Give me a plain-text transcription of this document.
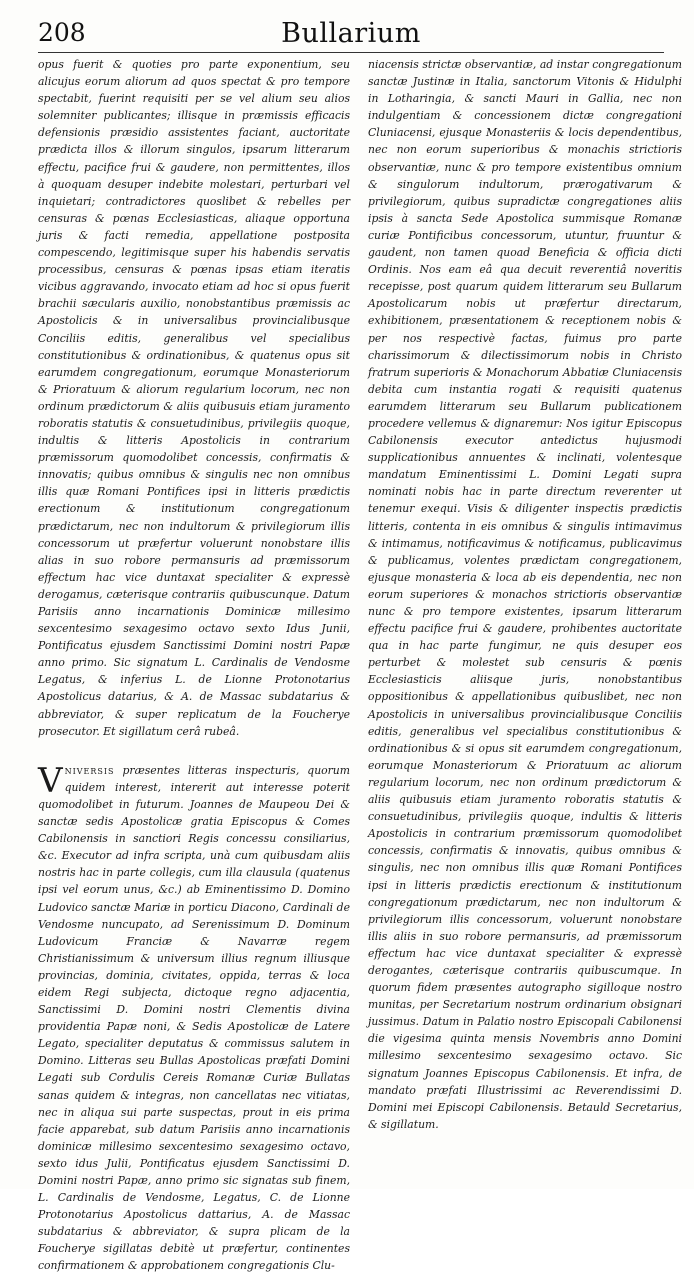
208	Bullarium

opus fuerit & quoties pro parte exponentium, seu alicujus eorum aliorum ad quos spectat & pro tempore spectabit, fuerint requisiti per se vel alium seu alios solemniter publicantes; illisque in præmissis efficacis defensionis præsidio assistentes faciant, auctoritate prædicta illos & illorum singulos, ipsarum litterarum effectu, pacifice frui & gaudere, non permittentes, illos à quoquam desuper indebite molestari, perturbari vel inquietari; contradictores quoslibet & rebelles per censuras & pœnas Ecclesiasticas, aliaque opportuna juris & facti remedia, appellatione postposita compescendo, legitimisque super his habendis servatis processibus, censuras & pœnas ipsas etiam iteratis vicibus aggravando, invocato etiam ad hoc si opus fuerit brachii sæcularis auxilio, nonobstantibus præmissis ac Apostolicis & in universalibus provincialibusque Conciliis editis, generalibus vel specialibus constitutionibus & ordinationibus, & quatenus opus sit earumdem congregationum, eorumque Monasteriorum & Prioratuum & aliorum regularium locorum, nec non ordinum prædictorum & aliis quibusuis etiam juramento roboratis statutis & consuetudinibus, privilegiis quoque, indultis & litteris Apostolicis in contrarium præmissorum quomodolibet concessis, confirmatis & innovatis; quibus omnibus & singulis nec non omnibus illis quæ Romani Pontifices ipsi in litteris prædictis erectionum & institutionum congregationum prædictarum, nec non indultorum & privilegiorum illis concessorum ut præfertur voluerunt nonobstare illis alias in suo robore permansuris ad præmissorum effectum hac vice duntaxat specialiter & expressè derogamus, cæterisque contrariis quibuscunque. Datum Parisiis anno incarnationis Dominicæ millesimo sexcentesimo sexagesimo octavo sexto Idus Junii, Pontificatus ejusdem Sanctissimi Domini nostri Papæ anno primo. Sic signatum L. Cardinalis de Vendosme Legatus, & inferius L. de Lionne Protonotarius Apostolicus datarius, & A. de Massac subdatarius & abbreviator, & super replicatum de la Foucherye prosecutor. Et sigillatum cerâ rubeâ.

Vniversis præsentes litteras inspecturis, quorum quidem interest, intererit aut interesse poterit quomodolibet in futurum. Joannes de Maupeou Dei & sanctæ sedis Apostolicæ gratia Episcopus & Comes Cabilonensis in sanctiori Regis concessu consiliarius, &c. Executor ad infra scripta, unà cum quibusdam aliis nostris hac in parte collegis, cum illa clausula (quatenus ipsi vel eorum unus, &c.) ab Eminentissimo D. Domino Ludovico sanctæ Mariæ in porticu Diacono, Cardinali de Vendosme nuncupato, ad Serenissimum D. Dominum Ludovicum Franciæ & Navarræ regem Christianissimum & universum illius regnum illiusque provincias, dominia, civitates, oppida, terras & loca eidem Regi subjecta, dictoque regno adjacentia, Sanctissimi D. Domini nostri Clementis divina providentia Papæ noni, & Sedis Apostolicæ de Latere Legato, specialiter deputatus & commissus salutem in Domino. Litteras seu Bullas Apostolicas præfati Domini Legati sub Cordulis Cereis Romanæ Curiæ Bullatas sanas quidem & integras, non cancellatas nec vitiatas, nec in aliqua sui parte suspectas, prout in eis prima facie apparebat, sub datum Parisiis anno incarnationis dominicæ millesimo sexcentesimo sexagesimo octavo, sexto idus Julii, Pontificatus ejusdem Sanctissimi D. Domini nostri Papæ, anno primo sic signatas sub finem, L. Cardinalis de Vendosme, Legatus, C. de Lionne Protonotarius Apostolicus dattarius, A. de Massac subdatarius & abbreviator, & supra plicam de la Foucherye sigillatas debitè ut præfertur, continentes confirmationem & approbationem congregationis Clu-

niacensis strictæ observantiæ, ad instar congregationum sanctæ Justinæ in Italia, sanctorum Vitonis & Hidulphi in Lotharingia, & sancti Mauri in Gallia, nec non indulgentiam & concessionem dictæ congregationi Cluniacensi, ejusque Monasteriis & locis dependentibus, nec non eorum superioribus & monachis strictioris observantiæ, nunc & pro tempore existentibus omnium & singulorum indultorum, prærogativarum & privilegiorum, quibus supradictæ congregationes aliis ipsis à sancta Sede Apostolica summisque Romanæ curiæ Pontificibus concessorum, utuntur, fruuntur & gaudent, non tamen quoad Beneficia & officia dicti Ordinis. Nos eam eâ qua decuit reverentiâ noveritis recepisse, post quarum quidem litterarum seu Bullarum Apostolicarum nobis ut præfertur directarum, exhibitionem, præsentationem & receptionem nobis & per nos respectivè factas, fuimus pro parte charissimorum & dilectissimorum nobis in Christo fratrum superioris & Monachorum Abbatiæ Cluniacensis debita cum instantia rogati & requisiti quatenus earumdem litterarum seu Bullarum publicationem procedere vellemus & dignaremur: Nos igitur Episcopus Cabilonensis executor antedictus hujusmodi supplicationibus annuentes & inclinati, volentesque mandatum Eminentissimi L. Domini Legati supra nominati nobis hac in parte directum reverenter ut tenemur exequi. Visis & diligenter inspectis prædictis litteris, contenta in eis omnibus & singulis intimavimus & intimamus, notificavimus & notificamus, publicavimus & publicamus, volentes prædictam congregationem, ejusque monasteria & loca ab eis dependentia, nec non eorum superiores & monachos strictioris observantiæ nunc & pro tempore existentes, ipsarum litterarum effectu pacifice frui & gaudere, prohibentes auctoritate qua in hac parte fungimur, ne quis desuper eos perturbet & molestet sub censuris & pœnis Ecclesiasticis aliisque juris, nonobstantibus oppositionibus & appellationibus quibuslibet, nec non Apostolicis in universalibus provincialibusque Conciliis editis, generalibus vel specialibus constitutionibus & ordinationibus & si opus sit earumdem congregationum, eorumque Monasteriorum & Prioratuum ac aliorum regularium locorum, nec non ordinum prædictorum & aliis quibusuis etiam juramento roboratis statutis & consuetudinibus, privilegiis quoque, indultis & litteris Apostolicis in contrarium præmissorum quomodolibet concessis, confirmatis & innovatis, quibus omnibus & singulis, nec non omnibus illis quæ Romani Pontifices ipsi in litteris prædictis erectionum & institutionum congregationum prædictarum, nec non indultorum & privilegiorum illis concessorum, voluerunt nonobstare illis aliis in suo robore permansuris, ad præmissorum effectum hac vice duntaxat specialiter & expressè derogantes, cæterisque contrariis quibuscumque. In quorum fidem præsentes autographo sigilloque nostro munitas, per Secretarium nostrum ordinarium obsignari jussimus. Datum in Palatio nostro Episcopali Cabilonensi die vigesima quinta mensis Novembris anno Domini millesimo sexcentesimo sexagesimo octavo. Sic signatum Joannes Episcopus Cabilonensis. Et infra, de mandato præfati Illustrissimi ac Reverendissimi D. Domini mei Episcopi Cabilonensis. Betauld Secretarius, & sigillatum.
